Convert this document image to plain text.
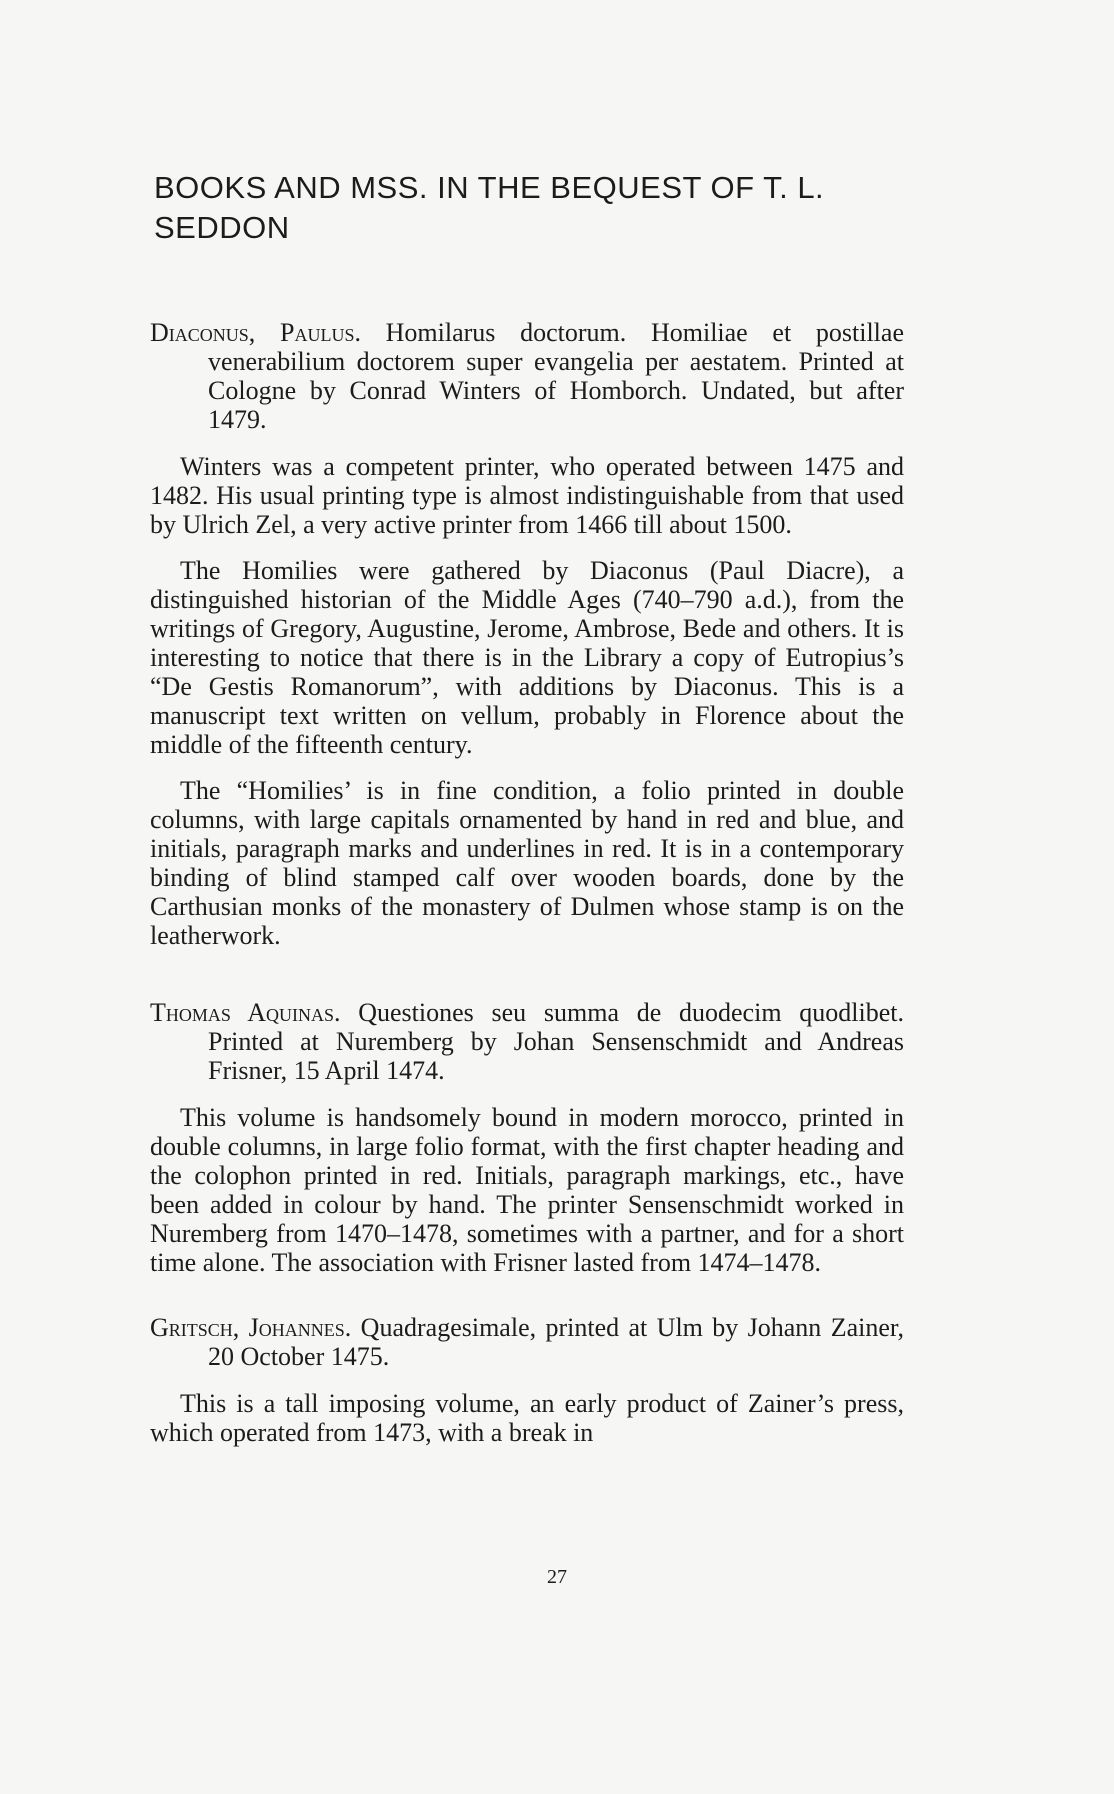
BOOKS AND MSS. IN THE BEQUEST OF T. L. SEDDON

Diaconus, Paulus. Homilarus doctorum. Homiliae et postillae venerabilium doctorem super evangelia per aestatem. Printed at Cologne by Conrad Winters of Homborch. Undated, but after 1479.

Winters was a competent printer, who operated between 1475 and 1482. His usual printing type is almost indistinguishable from that used by Ulrich Zel, a very active printer from 1466 till about 1500.

The Homilies were gathered by Diaconus (Paul Diacre), a distinguished historian of the Middle Ages (740–790 a.d.), from the writings of Gregory, Augustine, Jerome, Ambrose, Bede and others. It is interesting to notice that there is in the Library a copy of Eutropius’s “De Gestis Romanorum”, with additions by Diaconus. This is a manuscript text written on vellum, probably in Florence about the middle of the fifteenth century.

The “Homilies’ is in fine condition, a folio printed in double columns, with large capitals ornamented by hand in red and blue, and initials, paragraph marks and underlines in red. It is in a contemporary binding of blind stamped calf over wooden boards, done by the Carthusian monks of the monastery of Dulmen whose stamp is on the leatherwork.

Thomas Aquinas. Questiones seu summa de duodecim quodlibet. Printed at Nuremberg by Johan Sensenschmidt and Andreas Frisner, 15 April 1474.

This volume is handsomely bound in modern morocco, printed in double columns, in large folio format, with the first chapter heading and the colophon printed in red. Initials, paragraph markings, etc., have been added in colour by hand. The printer Sensenschmidt worked in Nuremberg from 1470–1478, sometimes with a partner, and for a short time alone. The association with Frisner lasted from 1474–1478.

Gritsch, Johannes. Quadragesimale, printed at Ulm by Johann Zainer, 20 October 1475.

This is a tall imposing volume, an early product of Zainer’s press, which operated from 1473, with a break in

27
